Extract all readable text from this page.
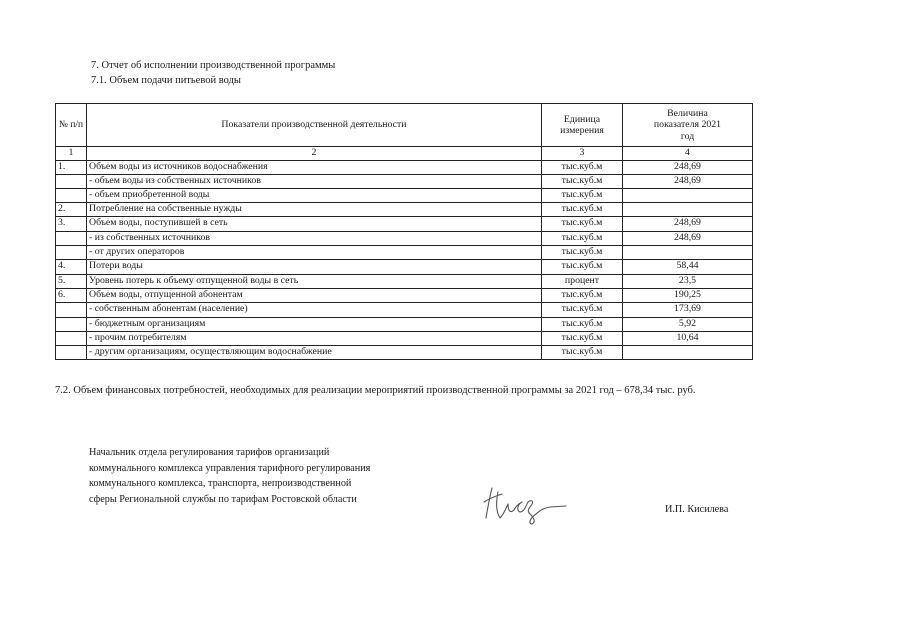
7. Отчет об исполнении производственной программы
7.1. Объем подачи питьевой воды
№ п/п	Показатели производственной деятельности	Единица измерения	Величина показателя 2021 год
1	2	3	4
1.	Объем воды из источников водоснабжения	тыс.куб.м	248,69
	- объем воды из собственных источников	тыс.куб.м	248,69
	- объем приобретенной воды	тыс.куб.м	
2.	Потребление на собственные нужды	тыс.куб.м	
3.	Объем воды, поступившей в сеть	тыс.куб.м	248,69
	- из собственных источников	тыс.куб.м	248,69
	- от других операторов	тыс.куб.м	
4.	Потери воды	тыс.куб.м	58,44
5.	Уровень потерь к объему отпущенной воды в сеть	процент	23,5
6.	Объем воды, отпущенной абонентам	тыс.куб.м	190,25
	- собственным абонентам (население)	тыс.куб.м	173,69
	- бюджетным организациям	тыс.куб.м	5,92
	- прочим потребителям	тыс.куб.м	10,64
	- другим организациям, осуществляющим водоснабжение	тыс.куб.м	
7.2. Объем финансовых потребностей, необходимых для реализации мероприятий производственной программы за 2021 год – 678,34 тыс. руб.
Начальник отдела регулирования тарифов организаций коммунального комплекса управления тарифного регулирования коммунального комплекса, транспорта, непроизводственной сферы Региональной службы по тарифам Ростовской области
И.П. Кисилева
